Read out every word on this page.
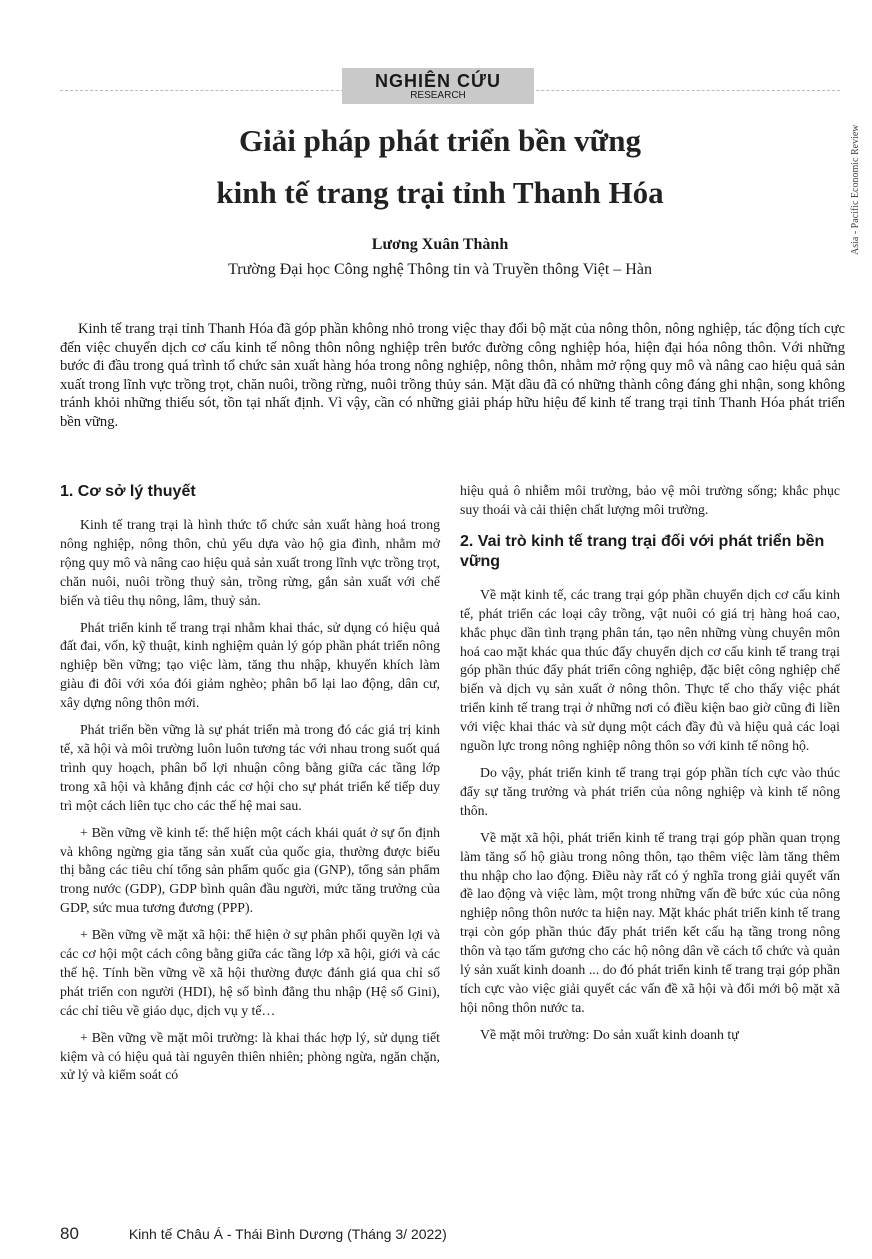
NGHIÊN CỨU
RESEARCH
Asia - Pacific Economic Review
Giải pháp phát triển bền vững
kinh tế trang trại tỉnh Thanh Hóa
Lương Xuân Thành
Trường Đại học Công nghệ Thông tin và Truyền thông Việt – Hàn

Kinh tế trang trại tỉnh Thanh Hóa đã góp phần không nhỏ trong việc thay đổi bộ mặt của nông thôn, nông nghiệp, tác động tích cực đến việc chuyển dịch cơ cấu kinh tế nông thôn nông nghiệp trên bước đường công nghiệp hóa, hiện đại hóa nông thôn. Với những bước đi đầu trong quá trình tổ chức sản xuất hàng hóa trong nông nghiệp, nông thôn, nhằm mở rộng quy mô và nâng cao hiệu quả sản xuất trong lĩnh vực trồng trọt, chăn nuôi, trồng rừng, nuôi trồng thủy sản. Mặt dầu đã có những thành công đáng ghi nhận, song không tránh khỏi những thiếu sót, tồn tại nhất định. Vì vậy, cần có những giải pháp hữu hiệu để kinh tế trang trại tỉnh Thanh Hóa phát triển bền vững.

1. Cơ sở lý thuyết

Kinh tế trang trại là hình thức tổ chức sản xuất hàng hoá trong nông nghiệp, nông thôn, chủ yếu dựa vào hộ gia đình, nhằm mở rộng quy mô và nâng cao hiệu quả sản xuất trong lĩnh vực trồng trọt, chăn nuôi, nuôi trồng thuỷ sản, trồng rừng, gắn sản xuất với chế biến và tiêu thụ nông, lâm, thuỷ sản.

Phát triển kinh tế trang trại nhằm khai thác, sử dụng có hiệu quả đất đai, vốn, kỹ thuật, kinh nghiệm quản lý góp phần phát triển nông nghiệp bền vững; tạo việc làm, tăng thu nhập, khuyến khích làm giàu đi đôi với xóa đói giảm nghèo; phân bổ lại lao động, dân cư, xây dựng nông thôn mới.

Phát triển bền vững là sự phát triển mà trong đó các giá trị kinh tế, xã hội và môi trường luôn luôn tương tác với nhau trong suốt quá trình quy hoạch, phân bổ lợi nhuận công bằng giữa các tầng lớp trong xã hội và khẳng định các cơ hội cho sự phát triển kế tiếp duy trì một cách liên tục cho các thế hệ mai sau.

+ Bền vững về kinh tế: thể hiện một cách khái quát ở sự ổn định và không ngừng gia tăng sản xuất của quốc gia, thường được biểu thị bằng các tiêu chí tổng sản phẩm quốc gia (GNP), tổng sản phẩm trong nước (GDP), GDP bình quân đầu người, mức tăng trưởng của GDP, sức mua tương đương (PPP).

+ Bền vững về mặt xã hội: thể hiện ở sự phân phối quyền lợi và các cơ hội một cách công bằng giữa các tầng lớp xã hội, giới và các thế hệ. Tính bền vững về xã hội thường được đánh giá qua chỉ số phát triển con người (HDI), hệ số bình đẳng thu nhập (Hệ số Gini), các chỉ tiêu về giáo dục, dịch vụ y tế…

+ Bền vững về mặt môi trường: là khai thác hợp lý, sử dụng tiết kiệm và có hiệu quả tài nguyên thiên nhiên; phòng ngừa, ngăn chặn, xử lý và kiểm soát có

hiệu quả ô nhiễm môi trường, bảo vệ môi trường sống; khắc phục suy thoái và cải thiện chất lượng môi trường.

2. Vai trò kinh tế trang trại đối với phát triển bền vững

Về mặt kinh tế, các trang trại góp phần chuyển dịch cơ cấu kinh tế, phát triển các loại cây trồng, vật nuôi có giá trị hàng hoá cao, khắc phục dần tình trạng phân tán, tạo nên những vùng chuyên môn hoá cao mặt khác qua thúc đẩy chuyển dịch cơ cấu kinh tế trang trại góp phần thúc đẩy phát triển công nghiệp, đặc biệt công nghiệp chế biến và dịch vụ sản xuất ở nông thôn. Thực tế cho thấy việc phát triển kinh tế trang trại ở những nơi có điều kiện bao giờ cũng đi liền với việc khai thác và sử dụng một cách đầy đủ và hiệu quả các loại nguồn lực trong nông nghiệp nông thôn so với kinh tế nông hộ.

Do vậy, phát triển kinh tế trang trại góp phần tích cực vào thúc đẩy sự tăng trưởng và phát triển của nông nghiệp và kinh tế nông thôn.

Về mặt xã hội, phát triển kinh tế trang trại góp phần quan trọng làm tăng số hộ giàu trong nông thôn, tạo thêm việc làm tăng thêm thu nhập cho lao động. Điều này rất có ý nghĩa trong giải quyết vấn đề lao động và việc làm, một trong những vấn đề bức xúc của nông nghiệp nông thôn nước ta hiện nay. Mặt khác phát triển kinh tế trang trại còn góp phần thúc đẩy phát triển kết cấu hạ tầng trong nông thôn và tạo tấm gương cho các hộ nông dân về cách tổ chức và quản lý sản xuất kinh doanh ... do đó phát triển kinh tế trang trại góp phần tích cực vào việc giải quyết các vấn đề xã hội và đổi mới bộ mặt xã hội nông thôn nước ta.

Về mặt môi trường: Do sản xuất kinh doanh tự

80	Kinh tế Châu Á - Thái Bình Dương (Tháng 3/ 2022)
